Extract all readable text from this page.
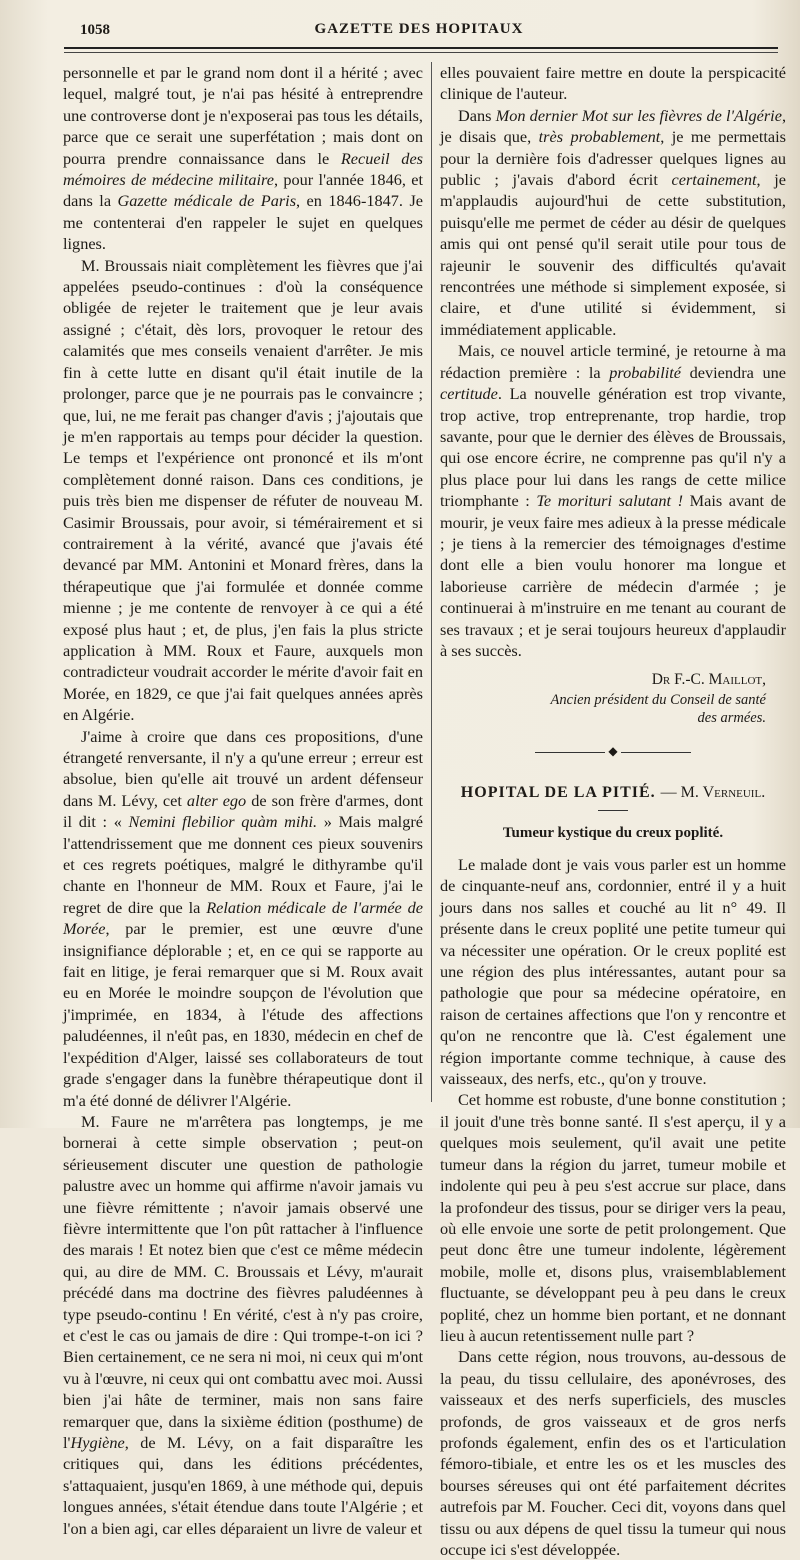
1058	GAZETTE DES HOPITAUX

personnelle et par le grand nom dont il a hérité ; avec lequel, malgré tout, je n'ai pas hésité à entreprendre une controverse dont je n'exposerai pas tous les détails, parce que ce serait une superfétation ; mais dont on pourra prendre connaissance dans le Recueil des mémoires de médecine militaire, pour l'année 1846, et dans la Gazette médicale de Paris, en 1846-1847. Je me contenterai d'en rappeler le sujet en quelques lignes.

M. Broussais niait complètement les fièvres que j'ai appelées pseudo-continues : d'où la conséquence obligée de rejeter le traitement que je leur avais assigné ; c'était, dès lors, provoquer le retour des calamités que mes conseils venaient d'arrêter. Je mis fin à cette lutte en disant qu'il était inutile de la prolonger, parce que je ne pourrais pas le convaincre ; que, lui, ne me ferait pas changer d'avis ; j'ajoutais que je m'en rapportais au temps pour décider la question. Le temps et l'expérience ont prononcé et ils m'ont complètement donné raison. Dans ces conditions, je puis très bien me dispenser de réfuter de nouveau M. Casimir Broussais, pour avoir, si témérairement et si contrairement à la vérité, avancé que j'avais été devancé par MM. Antonini et Monard frères, dans la thérapeutique que j'ai formulée et donnée comme mienne ; je me contente de renvoyer à ce qui a été exposé plus haut ; et, de plus, j'en fais la plus stricte application à MM. Roux et Faure, auxquels mon contradicteur voudrait accorder le mérite d'avoir fait en Morée, en 1829, ce que j'ai fait quelques années après en Algérie.

J'aime à croire que dans ces propositions, d'une étrangeté renversante, il n'y a qu'une erreur ; erreur est absolue, bien qu'elle ait trouvé un ardent défenseur dans M. Lévy, cet alter ego de son frère d'armes, dont il dit : « Nemini flebilior quàm mihi. » Mais malgré l'attendrissement que me donnent ces pieux souvenirs et ces regrets poétiques, malgré le dithyrambe qu'il chante en l'honneur de MM. Roux et Faure, j'ai le regret de dire que la Relation médicale de l'armée de Morée, par le premier, est une œuvre d'une insignifiance déplorable ; et, en ce qui se rapporte au fait en litige, je ferai remarquer que si M. Roux avait eu en Morée le moindre soupçon de l'évolution que j'imprimée, en 1834, à l'étude des affections paludéennes, il n'eût pas, en 1830, médecin en chef de l'expédition d'Alger, laissé ses collaborateurs de tout grade s'engager dans la funèbre thérapeutique dont il m'a été donné de délivrer l'Algérie.

M. Faure ne m'arrêtera pas longtemps, je me bornerai à cette simple observation ; peut-on sérieusement discuter une question de pathologie palustre avec un homme qui affirme n'avoir jamais vu une fièvre rémittente ; n'avoir jamais observé une fièvre intermittente que l'on pût rattacher à l'influence des marais ! Et notez bien que c'est ce même médecin qui, au dire de MM. C. Broussais et Lévy, m'aurait précédé dans ma doctrine des fièvres paludéennes à type pseudo-continu ! En vérité, c'est à n'y pas croire, et c'est le cas ou jamais de dire : Qui trompe-t-on ici ? Bien certainement, ce ne sera ni moi, ni ceux qui m'ont vu à l'œuvre, ni ceux qui ont combattu avec moi. Aussi bien j'ai hâte de terminer, mais non sans faire remarquer que, dans la sixième édition (posthume) de l'Hygiène, de M. Lévy, on a fait disparaître les critiques qui, dans les éditions précédentes, s'attaquaient, jusqu'en 1869, à une méthode qui, depuis longues années, s'était étendue dans toute l'Algérie ; et l'on a bien agi, car elles déparaient un livre de valeur et

elles pouvaient faire mettre en doute la perspicacité clinique de l'auteur.

Dans Mon dernier Mot sur les fièvres de l'Algérie, je disais que, très probablement, je me permettais pour la dernière fois d'adresser quelques lignes au public ; j'avais d'abord écrit certainement, je m'applaudis aujourd'hui de cette substitution, puisqu'elle me permet de céder au désir de quelques amis qui ont pensé qu'il serait utile pour tous de rajeunir le souvenir des difficultés qu'avait rencontrées une méthode si simplement exposée, si claire, et d'une utilité si évidemment, si immédiatement applicable.

Mais, ce nouvel article terminé, je retourne à ma rédaction première : la probabilité deviendra une certitude. La nouvelle génération est trop vivante, trop active, trop entreprenante, trop hardie, trop savante, pour que le dernier des élèves de Broussais, qui ose encore écrire, ne comprenne pas qu'il n'y a plus place pour lui dans les rangs de cette milice triomphante : Te morituri salutant ! Mais avant de mourir, je veux faire mes adieux à la presse médicale ; je tiens à la remercier des témoignages d'estime dont elle a bien voulu honorer ma longue et laborieuse carrière de médecin d'armée ; je continuerai à m'instruire en me tenant au courant de ses travaux ; et je serai toujours heureux d'applaudir à ses succès.

Dr F.-C. Maillot,
Ancien président du Conseil de santé
des armées.
◆
HOPITAL DE LA PITIÉ. — M. Verneuil.
Tumeur kystique du creux poplité.

Le malade dont je vais vous parler est un homme de cinquante-neuf ans, cordonnier, entré il y a huit jours dans nos salles et couché au lit n° 49. Il présente dans le creux poplité une petite tumeur qui va nécessiter une opération. Or le creux poplité est une région des plus intéressantes, autant pour sa pathologie que pour sa médecine opératoire, en raison de certaines affections que l'on y rencontre et qu'on ne rencontre que là. C'est également une région importante comme technique, à cause des vaisseaux, des nerfs, etc., qu'on y trouve.

Cet homme est robuste, d'une bonne constitution ; il jouit d'une très bonne santé. Il s'est aperçu, il y a quelques mois seulement, qu'il avait une petite tumeur dans la région du jarret, tumeur mobile et indolente qui peu à peu s'est accrue sur place, dans la profondeur des tissus, pour se diriger vers la peau, où elle envoie une sorte de petit prolongement. Que peut donc être une tumeur indolente, légèrement mobile, molle et, disons plus, vraisemblablement fluctuante, se développant peu à peu dans le creux poplité, chez un homme bien portant, et ne donnant lieu à aucun retentissement nulle part ?

Dans cette région, nous trouvons, au-dessous de la peau, du tissu cellulaire, des aponévroses, des vaisseaux et des nerfs superficiels, des muscles profonds, de gros vaisseaux et de gros nerfs profonds également, enfin des os et l'articulation fémoro-tibiale, et entre les os et les muscles des bourses séreuses qui ont été parfaitement décrites autrefois par M. Foucher. Ceci dit, voyons dans quel tissu ou aux dépens de quel tissu la tumeur qui nous occupe ici s'est développée.
